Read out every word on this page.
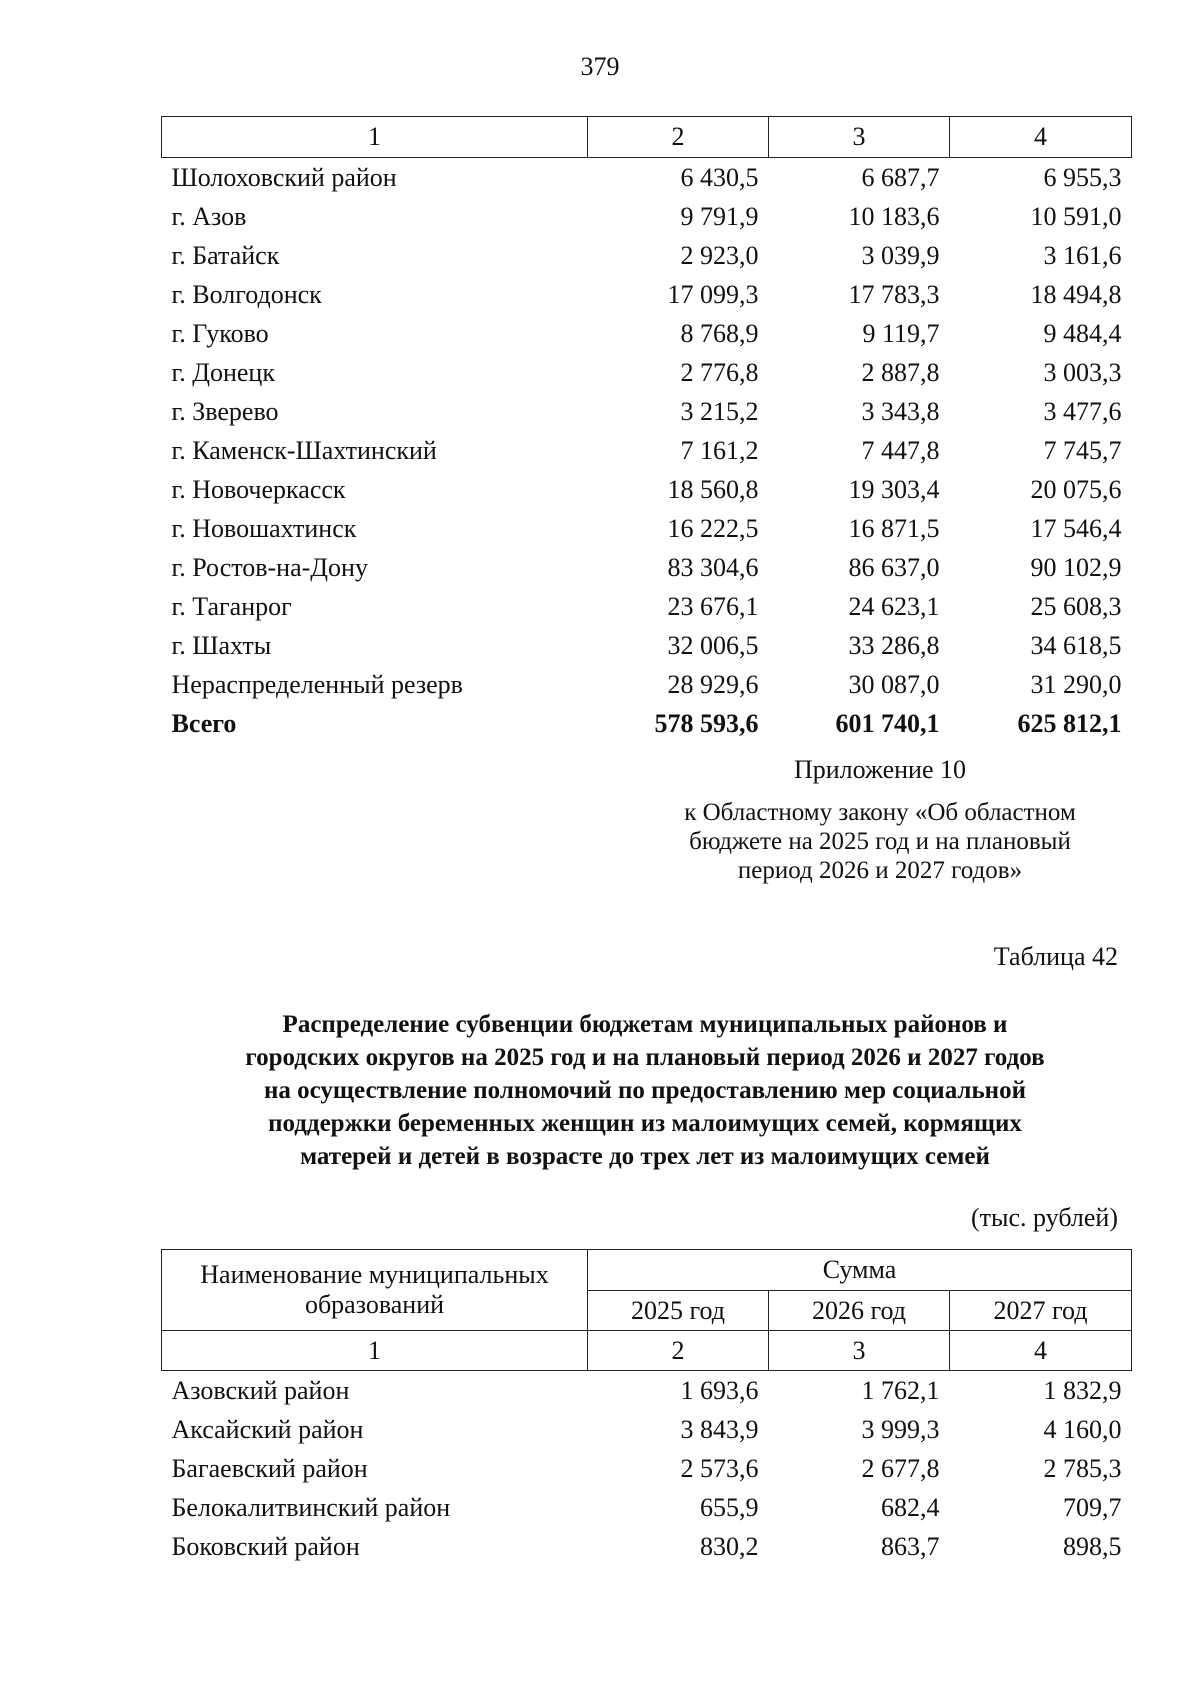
379
1	2	3	4
Шолоховский район	6 430,5	6 687,7	6 955,3
г. Азов	9 791,9	10 183,6	10 591,0
г. Батайск	2 923,0	3 039,9	3 161,6
г. Волгодонск	17 099,3	17 783,3	18 494,8
г. Гуково	8 768,9	9 119,7	9 484,4
г. Донецк	2 776,8	2 887,8	3 003,3
г. Зверево	3 215,2	3 343,8	3 477,6
г. Каменск-Шахтинский	7 161,2	7 447,8	7 745,7
г. Новочеркасск	18 560,8	19 303,4	20 075,6
г. Новошахтинск	16 222,5	16 871,5	17 546,4
г. Ростов-на-Дону	83 304,6	86 637,0	90 102,9
г. Таганрог	23 676,1	24 623,1	25 608,3
г. Шахты	32 006,5	33 286,8	34 618,5
Нераспределенный резерв	28 929,6	30 087,0	31 290,0
Всего	578 593,6	601 740,1	625 812,1
Приложение 10
к Областному закону «Об областном
бюджете на 2025 год и на плановый
период 2026 и 2027 годов»
Таблица 42
Распределение субвенции бюджетам муниципальных районов и
городских округов на 2025 год и на плановый период 2026 и 2027 годов
на осуществление полномочий по предоставлению мер социальной
поддержки беременных женщин из малоимущих семей, кормящих
матерей и детей в возрасте до трех лет из малоимущих семей
(тыс. рублей)
Наименование муниципальных
образований	Сумма		
	2025 год	2026 год	2027 год
1	2	3	4
Азовский район	1 693,6	1 762,1	1 832,9
Аксайский район	3 843,9	3 999,3	4 160,0
Багаевский район	2 573,6	2 677,8	2 785,3
Белокалитвинский район	655,9	682,4	709,7
Боковский район	830,2	863,7	898,5
